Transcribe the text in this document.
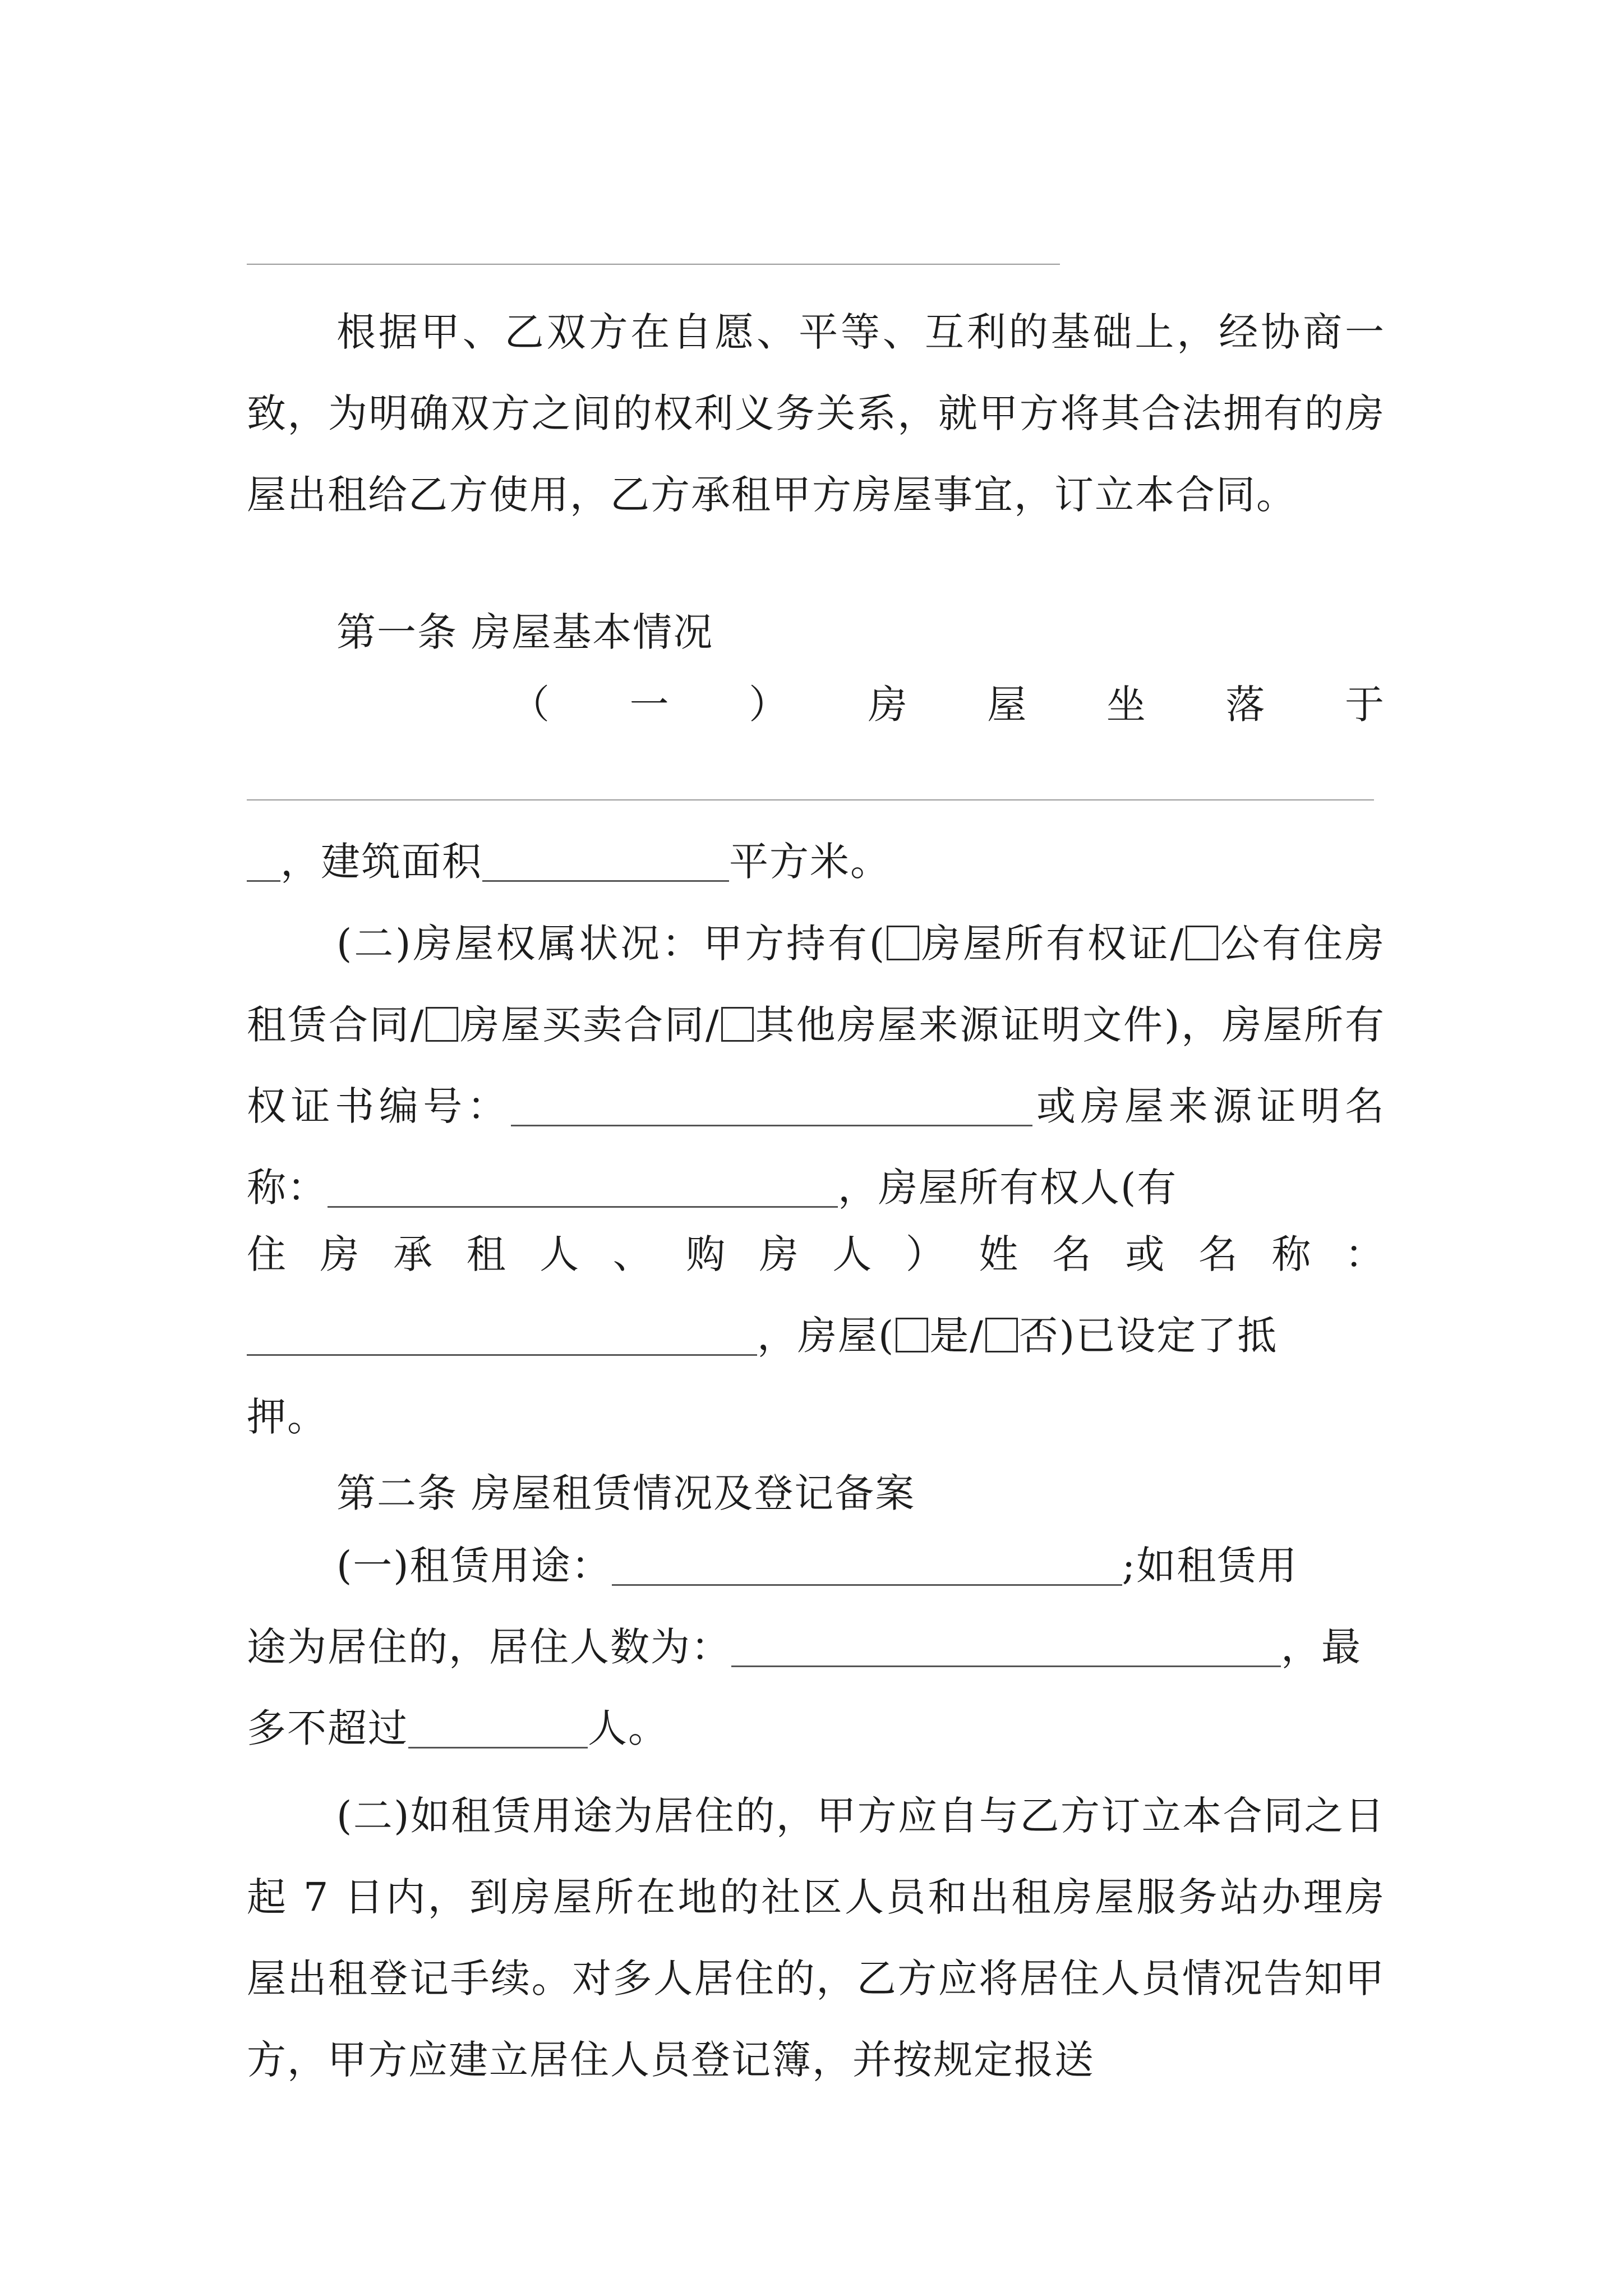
根据甲、乙双方在自愿、平等、互利的基础上，经协商一致，为明确双方之间的权利义务关系，就甲方将其合法拥有的房屋出租给乙方使用，乙方承租甲方房屋事宜，订立本合同。

第一条 房屋基本情况

（ 一 ） 房 屋 坐 落 于
，建筑面积	平方米。

(二)房屋权属状况：甲方持有( 房屋所有权证/ 公有住房租赁合同/ 房屋买卖合同/ 其他房屋来源证明文件)，房屋所有权证书编号：	或房屋来源证明名称：	，房屋所有权人(有

住 房 承 租 人 、 购 房 人 ） 姓 名 或 名 称 ：
，房屋( 是/ 否)已设定了抵
押。

第二条 房屋租赁情况及登记备案

(一)租赁用途：	;如租赁用
途为居住的，居住人数为：	，最
多不超过	人。

(二)如租赁用途为居住的，甲方应自与乙方订立本合同之日起 7 日内，到房屋所在地的社区人员和出租房屋服务站办理房屋出租登记手续。对多人居住的，乙方应将居住人员情况告知甲方，甲方应建立居住人员登记簿，并按规定报送
